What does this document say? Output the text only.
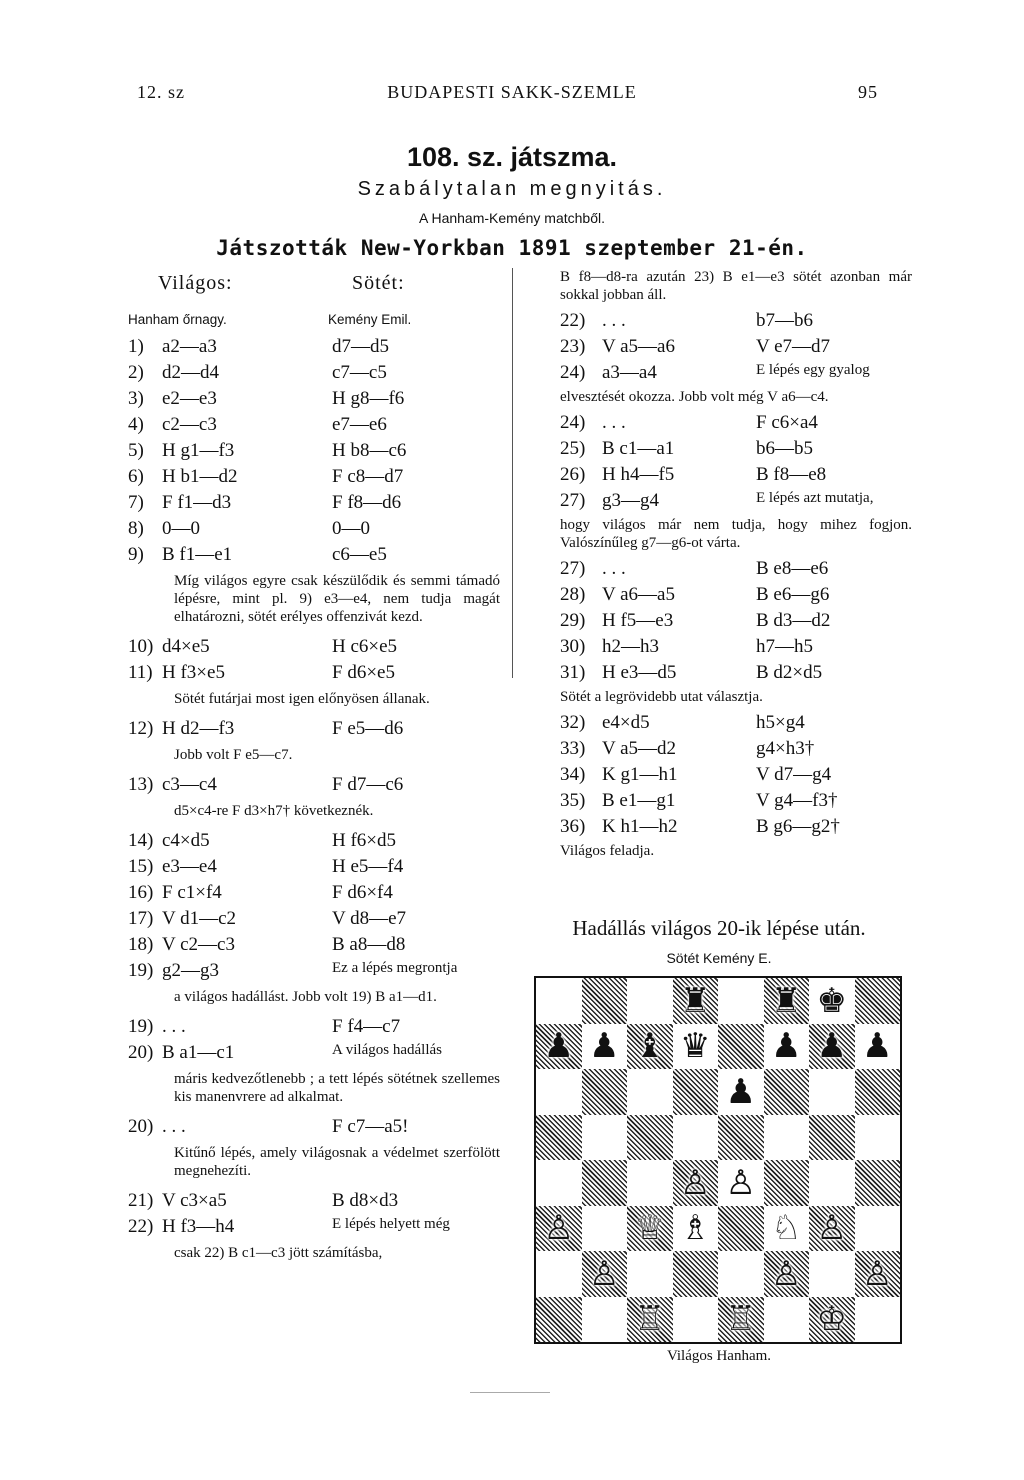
12. sz	BUDAPESTI SAKK-SZEMLE	95
108. sz. játszma.
Szabálytalan megnyitás.
A Hanham-Kemény matchből.
Játszották New-Yorkban 1891 szeptember 21-én.
Világos:	Sötét:
Hanham őrnagy.	Kemény Emil.
1) a2—a3	d7—d5
2) d2—d4	c7—c5
3) e2—e3	H g8—f6
4) c2—c3	e7—e6
5) H g1—f3	H b8—c6
6) H b1—d2	F c8—d7
7) F f1—d3	F f8—d6
8) 0—0	0—0
9) B f1—e1	c6—e5
Míg világos egyre csak készülődik és semmi támadó lépésre, mint pl. 9) e3—e4, nem tudja magát elhatározni, sötét erélyes offenzivát kezd.
10) d4×e5	H c6×e5
11) H f3×e5	F d6×e5
Sötét futárjai most igen előnyösen állanak.
12) H d2—f3	F e5—d6
Jobb volt F e5—c7.
13) c3—c4	F d7—c6
d5×c4-re F d3×h7† következnék.
14) c4×d5	H f6×d5
15) e3—e4	H e5—f4
16) F c1×f4	F d6×f4
17) V d1—c2	V d8—e7
18) V c2—c3	B a8—d8
19) g2—g3	Ez a lépés megrontja
a világos hadállást. Jobb volt 19) B a1—d1.
19) . . .	F f4—c7
20) B a1—c1	A világos hadállás
máris kedvezőtlenebb ; a tett lépés sötétnek szellemes kis manenvrere ad alkalmat.
20) . . .	F c7—a5!
Kitűnő lépés, amely világosnak a védelmet szerfölött megnehezíti.
21) V c3×a5	B d8×d3
22) H f3—h4	E lépés helyett még
csak 22) B c1—c3 jött számításba,
B f8—d8-ra azután 23) B e1—e3 sötét azonban már sokkal jobban áll.
22) . . .	b7—b6
23) V a5—a6	V e7—d7
24) a3—a4	E lépés egy gyalog
elvesztését okozza. Jobb volt még V a6—c4.
24) . . .	F c6×a4
25) B c1—a1	b6—b5
26) H h4—f5	B f8—e8
27) g3—g4	E lépés azt mutatja,
hogy világos már nem tudja, hogy mihez fogjon. Valószínűleg g7—g6-ot várta.
27) . . .	B e8—e6
28) V a6—a5	B e6—g6
29) H f5—e3	B d3—d2
30) h2—h3	h7—h5
31) H e3—d5	B d2×d5
Sötét a legrövidebb utat választja.
32) e4×d5	h5×g4
33) V a5—d2	g4×h3†
34) K g1—h1	V d7—g4
35) B e1—g1	V g4—f3†
36) K h1—h2	B g6—g2†
Világos feladja.
Hadállás világos 20-ik lépése után.
Sötét Kemény E.
♜ ♜ ♚
♟ ♟ ♝ ♛ ♟ ♟ ♟
♟
♙ ♙
♙ ♕ ♗ ♘ ♙
♙	♙ ♙
♖ ♖ ♔
Világos Hanham.
